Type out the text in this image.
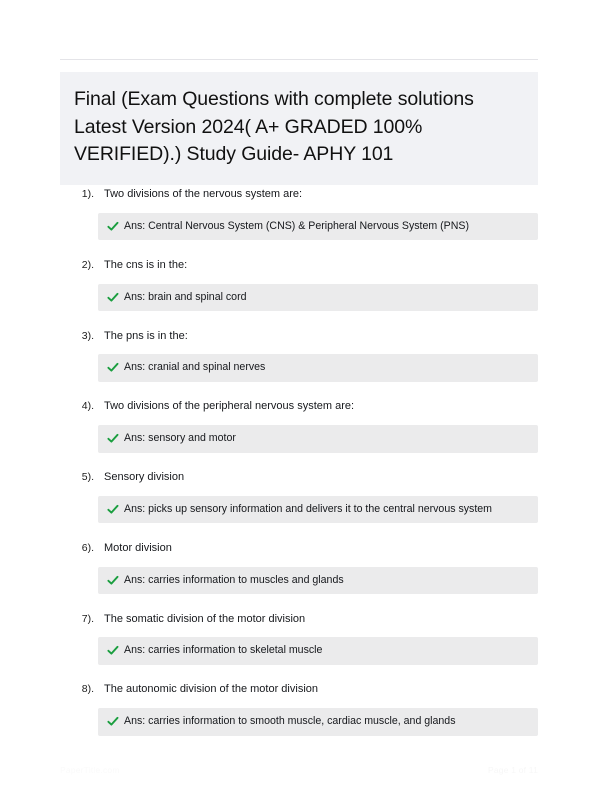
Final (Exam Questions with complete solutions Latest Version 2024( A+ GRADED 100% VERIFIED).) Study Guide- APHY 101
1). Two divisions of the nervous system are:
Ans: Central Nervous System (CNS) & Peripheral Nervous System (PNS)
2). The cns is in the:
Ans: brain and spinal cord
3). The pns is in the:
Ans: cranial and spinal nerves
4). Two divisions of the peripheral nervous system are:
Ans: sensory and motor
5). Sensory division
Ans: picks up sensory information and delivers it to the central nervous system
6). Motor division
Ans: carries information to muscles and glands
7). The somatic division of the motor division
Ans: carries information to skeletal muscle
8). The autonomic division of the motor division
Ans: carries information to smooth muscle, cardiac muscle, and glands
PaperTitle.com	Page 1 of 11
